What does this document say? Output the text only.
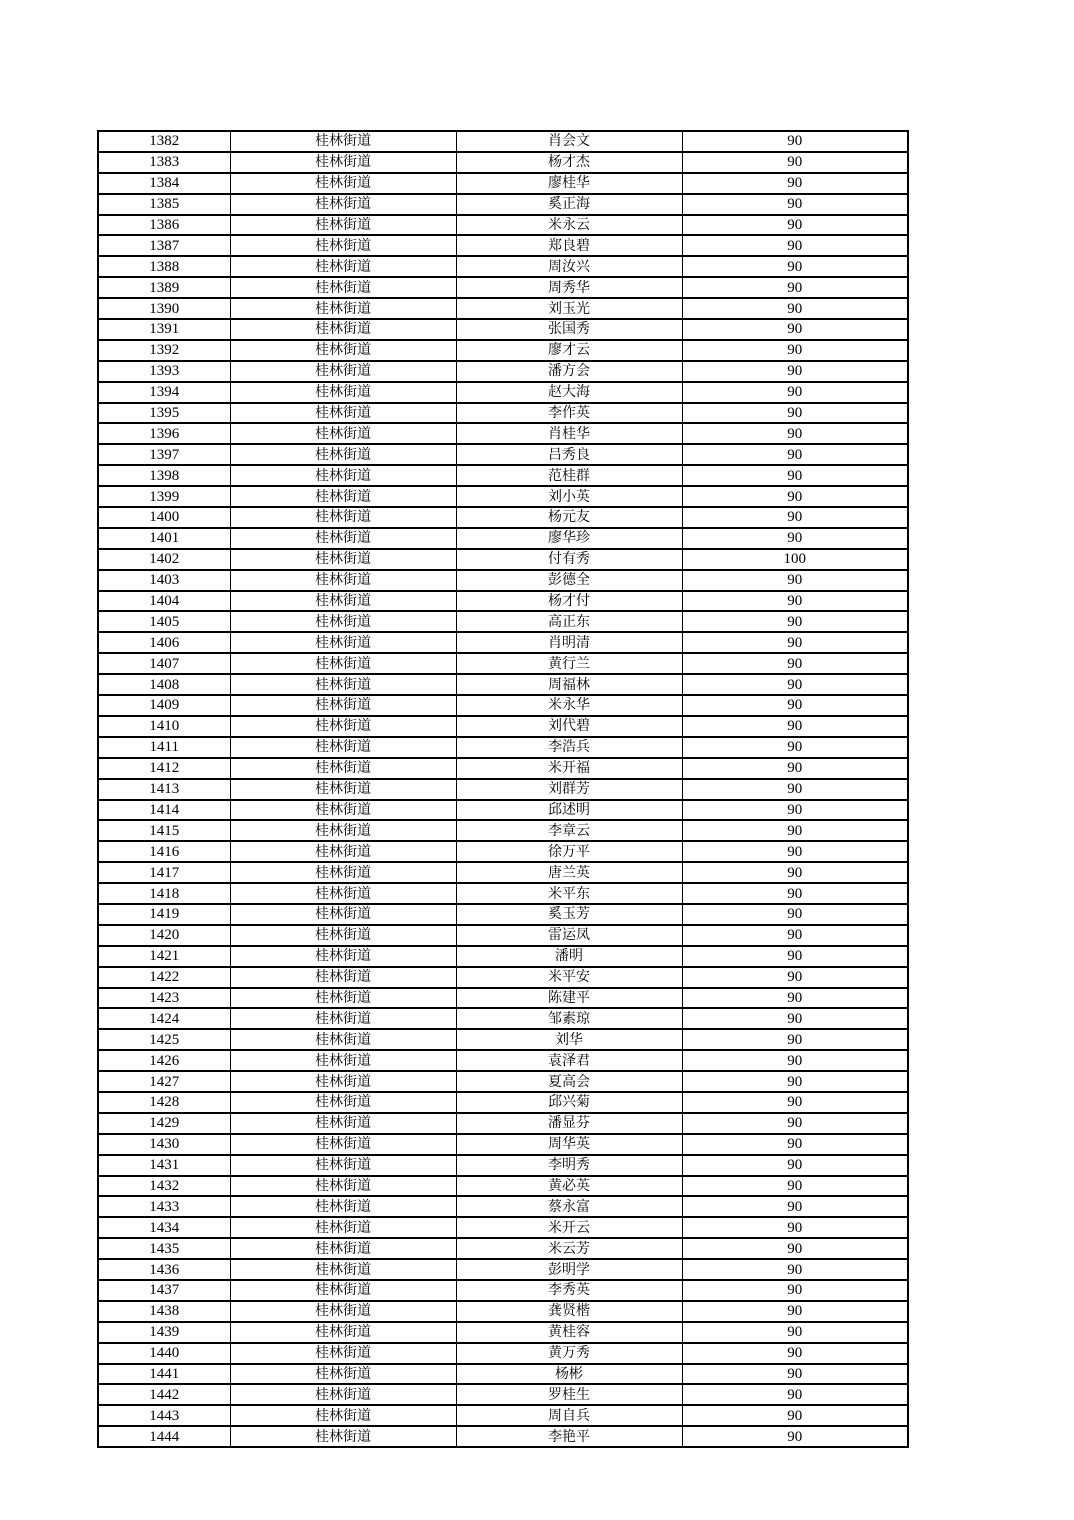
1382	桂林街道	肖会文	90
1383	桂林街道	杨才杰	90
1384	桂林街道	廖桂华	90
1385	桂林街道	奚正海	90
1386	桂林街道	米永云	90
1387	桂林街道	郑良碧	90
1388	桂林街道	周汝兴	90
1389	桂林街道	周秀华	90
1390	桂林街道	刘玉光	90
1391	桂林街道	张国秀	90
1392	桂林街道	廖才云	90
1393	桂林街道	潘方会	90
1394	桂林街道	赵大海	90
1395	桂林街道	李作英	90
1396	桂林街道	肖桂华	90
1397	桂林街道	吕秀良	90
1398	桂林街道	范桂群	90
1399	桂林街道	刘小英	90
1400	桂林街道	杨元友	90
1401	桂林街道	廖华珍	90
1402	桂林街道	付有秀	100
1403	桂林街道	彭德全	90
1404	桂林街道	杨才付	90
1405	桂林街道	高正东	90
1406	桂林街道	肖明清	90
1407	桂林街道	黄行兰	90
1408	桂林街道	周福林	90
1409	桂林街道	米永华	90
1410	桂林街道	刘代碧	90
1411	桂林街道	李浩兵	90
1412	桂林街道	米开福	90
1413	桂林街道	刘群芳	90
1414	桂林街道	邱述明	90
1415	桂林街道	李章云	90
1416	桂林街道	徐万平	90
1417	桂林街道	唐兰英	90
1418	桂林街道	米平东	90
1419	桂林街道	奚玉芳	90
1420	桂林街道	雷运凤	90
1421	桂林街道	潘明	90
1422	桂林街道	米平安	90
1423	桂林街道	陈建平	90
1424	桂林街道	邹素琼	90
1425	桂林街道	刘华	90
1426	桂林街道	袁泽君	90
1427	桂林街道	夏高会	90
1428	桂林街道	邱兴菊	90
1429	桂林街道	潘显芬	90
1430	桂林街道	周华英	90
1431	桂林街道	李明秀	90
1432	桂林街道	黄必英	90
1433	桂林街道	蔡永富	90
1434	桂林街道	米开云	90
1435	桂林街道	米云芳	90
1436	桂林街道	彭明学	90
1437	桂林街道	李秀英	90
1438	桂林街道	龚贤楷	90
1439	桂林街道	黄桂容	90
1440	桂林街道	黄万秀	90
1441	桂林街道	杨彬	90
1442	桂林街道	罗桂生	90
1443	桂林街道	周自兵	90
1444	桂林街道	李艳平	90
